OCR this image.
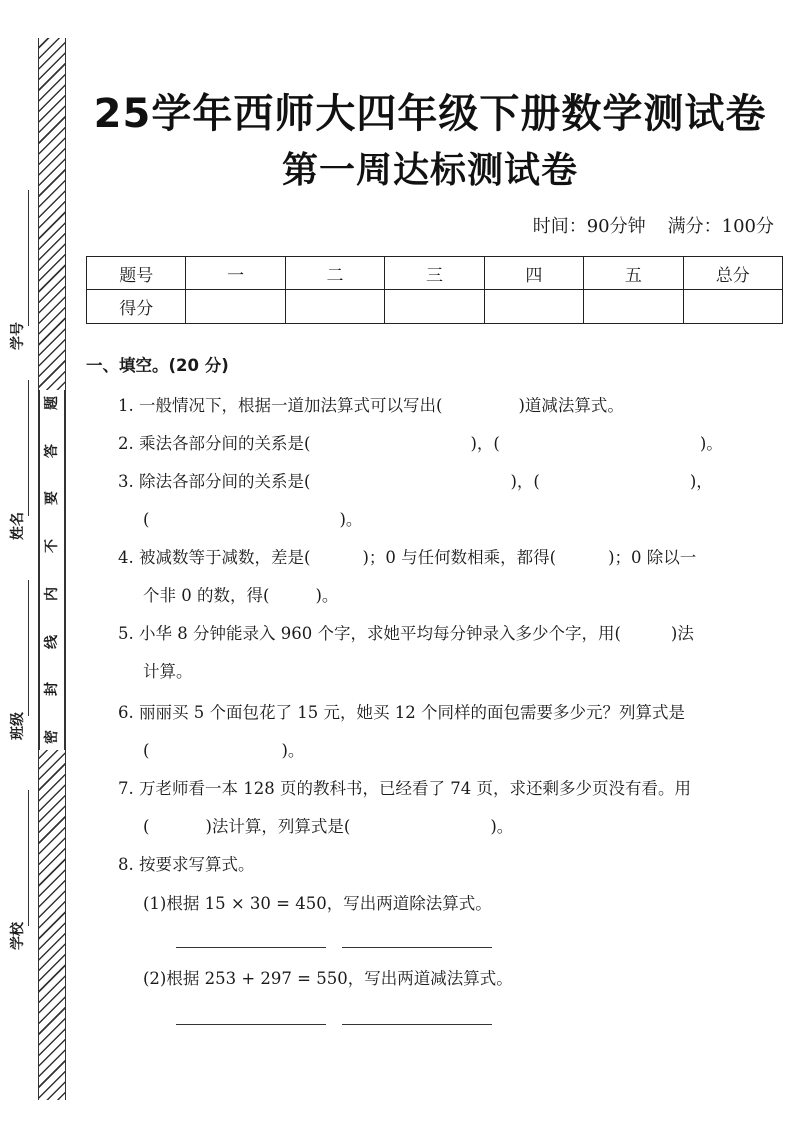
题
答
要
不
内
线
封
密
学号
姓名
班级
学校
25学年西师大四年级下册数学测试卷
第一周达标测试卷
时间：90分钟 满分：100分
题号	一	二	三	四	五	总分
得分						
一、填空。(20 分)
1. 一般情况下，根据一道加法算式可以写出(	)道减法算式。
2. 乘法各部分间的关系是(	)，(	)。
3. 除法各部分间的关系是(	)，(	)，
(	)。
4. 被减数等于减数，差是(	)；0 与任何数相乘，都得(	)；0 除以一
个非 0 的数，得(	)。
5. 小华 8 分钟能录入 960 个字，求她平均每分钟录入多少个字，用(	)法
计算。
6. 丽丽买 5 个面包花了 15 元，她买 12 个同样的面包需要多少元？列算式是
(	)。
7. 万老师看一本 128 页的教科书，已经看了 74 页，求还剩多少页没有看。用
(	)法计算，列算式是(	)。
8. 按要求写算式。
(1)根据 15 × 30 = 450，写出两道除法算式。
(2)根据 253 + 297 = 550，写出两道减法算式。
